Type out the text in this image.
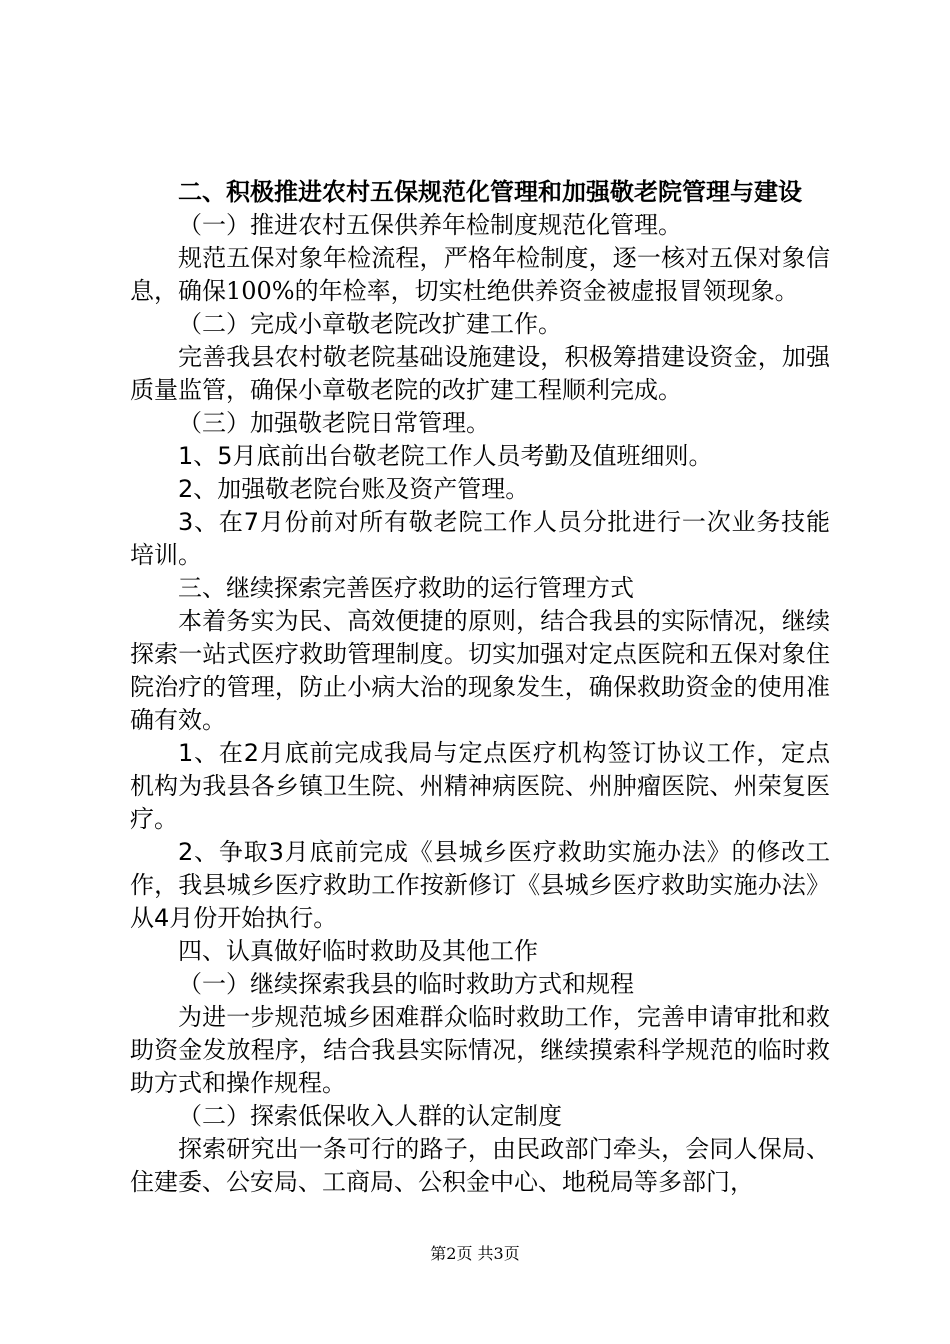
二、积极推进农村五保规范化管理和加强敬老院管理与建设

（一）推进农村五保供养年检制度规范化管理。

规范五保对象年检流程，严格年检制度，逐一核对五保对象信息，确保100%的年检率，切实杜绝供养资金被虚报冒领现象。

（二）完成小章敬老院改扩建工作。

完善我县农村敬老院基础设施建设，积极筹措建设资金，加强质量监管，确保小章敬老院的改扩建工程顺利完成。

（三）加强敬老院日常管理。

1、5月底前出台敬老院工作人员考勤及值班细则。

2、加强敬老院台账及资产管理。

3、在7月份前对所有敬老院工作人员分批进行一次业务技能培训。

三、继续探索完善医疗救助的运行管理方式

本着务实为民、高效便捷的原则，结合我县的实际情况，继续探索一站式医疗救助管理制度。切实加强对定点医院和五保对象住院治疗的管理，防止小病大治的现象发生，确保救助资金的使用准确有效。

1、在2月底前完成我局与定点医疗机构签订协议工作，定点机构为我县各乡镇卫生院、州精神病医院、州肿瘤医院、州荣复医疗。

2、争取3月底前完成《县城乡医疗救助实施办法》的修改工作，我县城乡医疗救助工作按新修订《县城乡医疗救助实施办法》从4月份开始执行。

四、认真做好临时救助及其他工作

（一）继续探索我县的临时救助方式和规程

为进一步规范城乡困难群众临时救助工作，完善申请审批和救助资金发放程序，结合我县实际情况，继续摸索科学规范的临时救助方式和操作规程。

（二）探索低保收入人群的认定制度

探索研究出一条可行的路子，由民政部门牵头，会同人保局、住建委、公安局、工商局、公积金中心、地税局等多部门，

第2页 共3页
